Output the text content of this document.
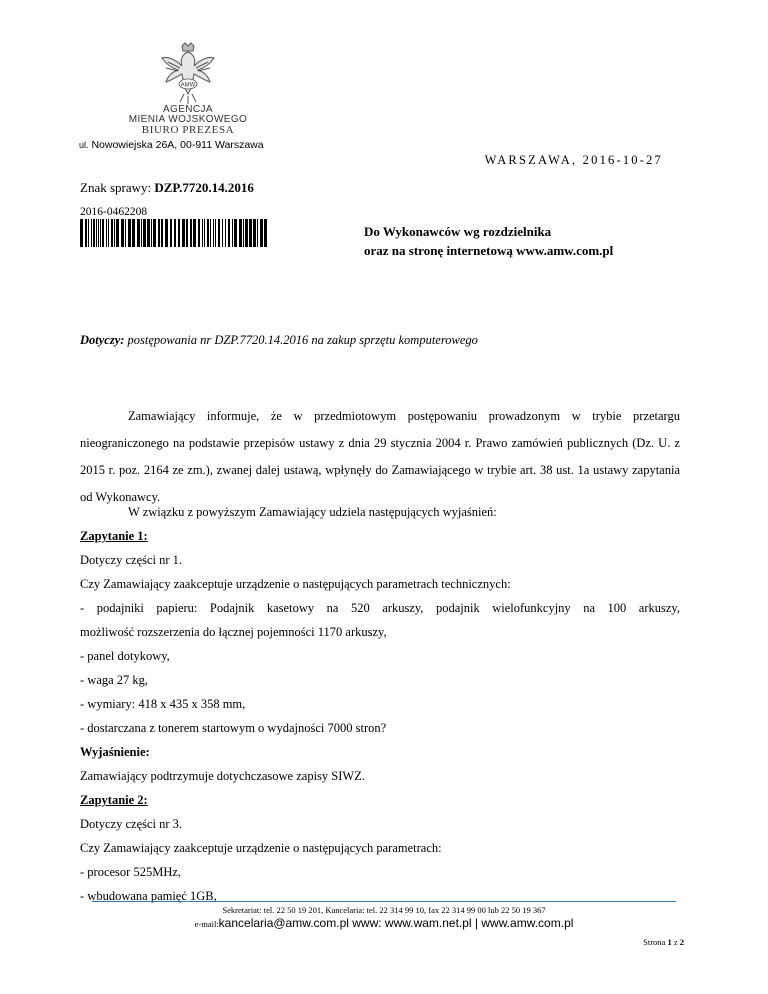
AMW
AGENCJA
MIENIA WOJSKOWEGO
BIURO PREZESA
ul. Nowowiejska 26A, 00-911 Warszawa
WARSZAWA, 2016-10-27
Znak sprawy: DZP.7720.14.2016
2016-0462208
Do Wykonawców wg rozdzielnika
oraz na stronę internetową www.amw.com.pl
Dotyczy: postępowania nr DZP.7720.14.2016 na zakup sprzętu komputerowego
Zamawiający informuje, że w przedmiotowym postępowaniu prowadzonym w trybie przetargu nieograniczonego na podstawie przepisów ustawy z dnia 29 stycznia 2004 r. Prawo zamówień publicznych (Dz. U. z 2015 r. poz. 2164 ze zm.), zwanej dalej ustawą, wpłynęły do Zamawiającego w trybie art. 38 ust. 1a ustawy zapytania od Wykonawcy.
W związku z powyższym Zamawiający udziela następujących wyjaśnień:
Zapytanie 1:
Dotyczy części nr 1.
Czy Zamawiający zaakceptuje urządzenie o następujących parametrach technicznych:
- podajniki papieru: Podajnik kasetowy na 520 arkuszy, podajnik wielofunkcyjny na 100 arkuszy,
możliwość rozszerzenia do łącznej pojemności 1170 arkuszy,
- panel dotykowy,
- waga 27 kg,
- wymiary: 418 x 435 x 358 mm,
- dostarczana z tonerem startowym o wydajności 7000 stron?
Wyjaśnienie:
Zamawiający podtrzymuje dotychczasowe zapisy SIWZ.
Zapytanie 2:
Dotyczy części nr 3.
Czy Zamawiający zaakceptuje urządzenie o następujących parametrach:
- procesor 525MHz,
- wbudowana pamięć 1GB,
Sekretariat: tel. 22 50 19 201, Kancelaria: tel. 22 314 99 10, fax 22 314 99 00 lub 22 50 19 367
e-mail:kancelaria@amw.com.pl www: www.wam.net.pl | www.amw.com.pl
Strona 1 z 2
